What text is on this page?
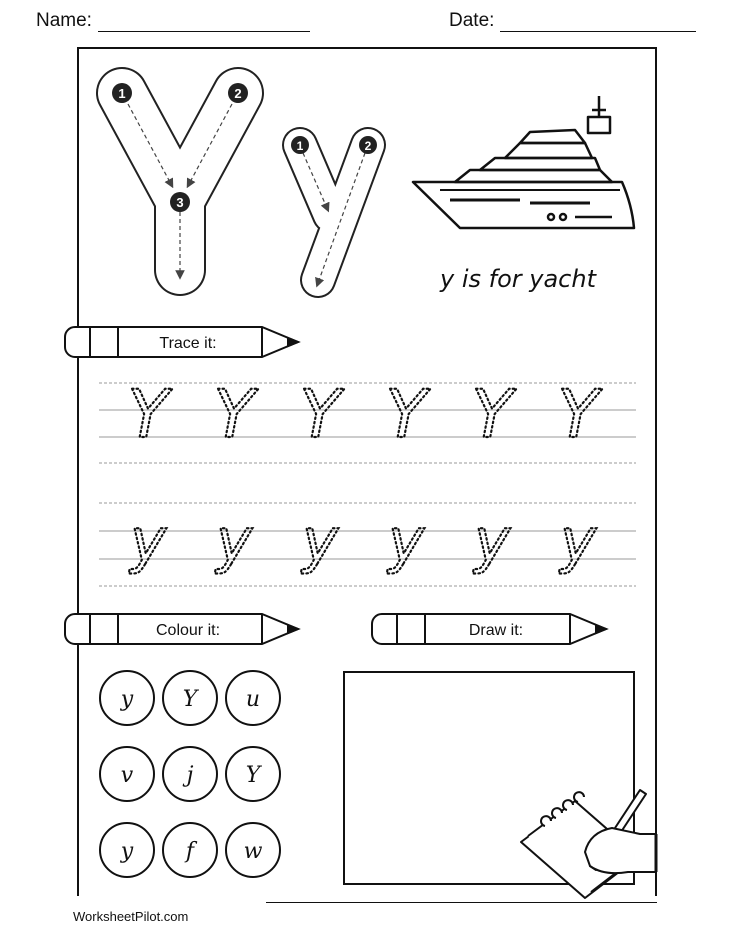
Name:	Date:
1	2
3
1	2
y is for yacht
Trace it:
Y Y Y Y Y Y
y y y y y y
Colour it:	Draw it:
y Y u
v j Y
y f w
WorksheetPilot.com
